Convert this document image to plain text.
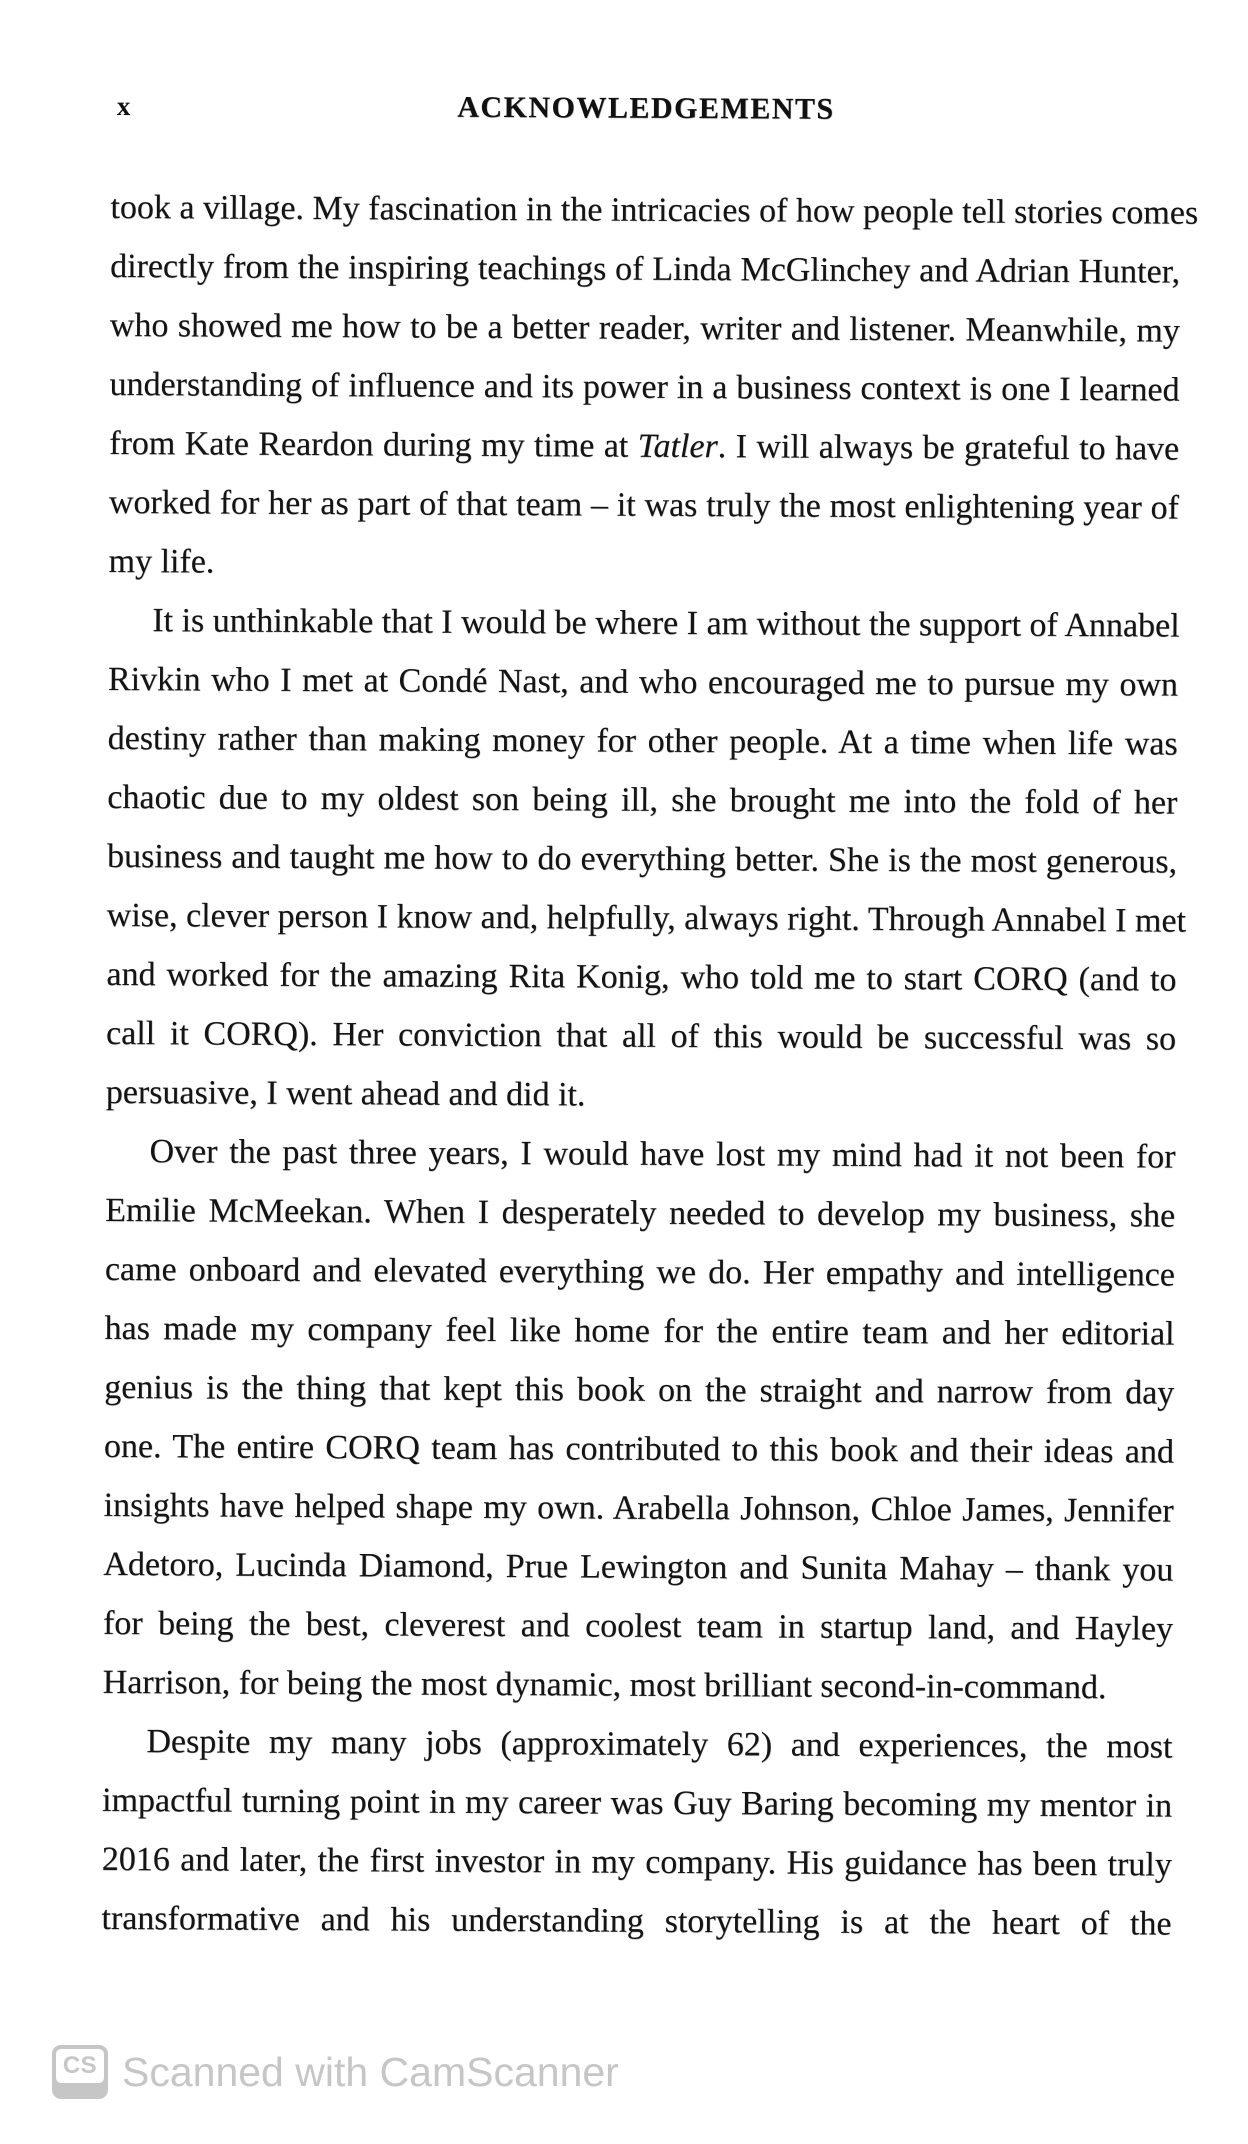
x	ACKNOWLEDGEMENTS
took a village. My fascination in the intricacies of how people tell stories comes
directly from the inspiring teachings of Linda McGlinchey and Adrian Hunter,
who showed me how to be a better reader, writer and listener. Meanwhile, my
understanding of influence and its power in a business context is one I learned
from Kate Reardon during my time at Tatler. I will always be grateful to have
worked for her as part of that team – it was truly the most enlightening year of
my life.
It is unthinkable that I would be where I am without the support of Annabel
Rivkin who I met at Condé Nast, and who encouraged me to pursue my own
destiny rather than making money for other people. At a time when life was
chaotic due to my oldest son being ill, she brought me into the fold of her
business and taught me how to do everything better. She is the most generous,
wise, clever person I know and, helpfully, always right. Through Annabel I met
and worked for the amazing Rita Konig, who told me to start CORQ (and to
call it CORQ). Her conviction that all of this would be successful was so
persuasive, I went ahead and did it.
Over the past three years, I would have lost my mind had it not been for
Emilie McMeekan. When I desperately needed to develop my business, she
came onboard and elevated everything we do. Her empathy and intelligence
has made my company feel like home for the entire team and her editorial
genius is the thing that kept this book on the straight and narrow from day
one. The entire CORQ team has contributed to this book and their ideas and
insights have helped shape my own. Arabella Johnson, Chloe James, Jennifer
Adetoro, Lucinda Diamond, Prue Lewington and Sunita Mahay – thank you
for being the best, cleverest and coolest team in startup land, and Hayley
Harrison, for being the most dynamic, most brilliant second-in-command.
Despite my many jobs (approximately 62) and experiences, the most
impactful turning point in my career was Guy Baring becoming my mentor in
2016 and later, the first investor in my company. His guidance has been truly
transformative and his understanding storytelling is at the heart of the
CS Scanned with CamScanner
